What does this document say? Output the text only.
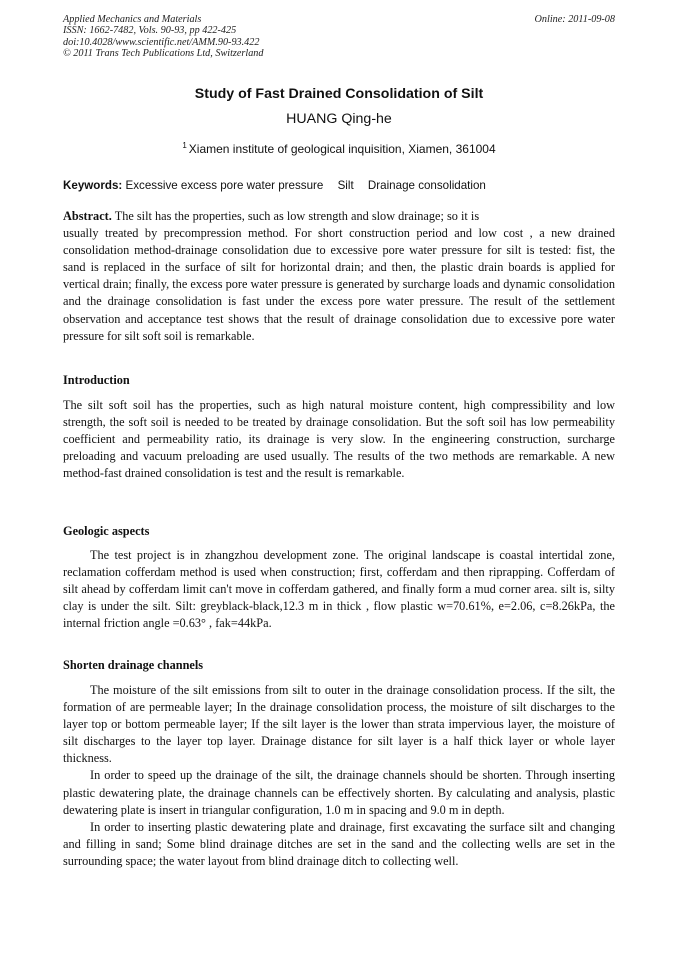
Applied Mechanics and Materials
ISSN: 1662-7482, Vols. 90-93, pp 422-425
doi:10.4028/www.scientific.net/AMM.90-93.422
© 2011 Trans Tech Publications Ltd, Switzerland
Online: 2011-09-08
Study of Fast Drained Consolidation of Silt
HUANG Qing-he
$^1$ Xiamen institute of geological inquisition, Xiamen, 361004
Keywords: Excessive excess pore water pressure Silt Drainage consolidation
Abstract. The silt has the properties, such as low strength and slow drainage; so it is

usually treated by precompression method. For short construction period and low cost , a new drained consolidation method-drainage consolidation due to excessive pore water pressure for silt is tested: fist, the sand is replaced in the surface of silt for horizontal drain; and then, the plastic drain boards is applied for vertical drain; finally, the excess pore water pressure is generated by surcharge loads and dynamic consolidation and the drainage consolidation is fast under the excess pore water pressure. The result of the settlement observation and acceptance test shows that the result of drainage consolidation due to excessive pore water pressure for silt soft soil is remarkable.

Introduction

The silt soft soil has the properties, such as high natural moisture content, high compressibility and low strength, the soft soil is needed to be treated by drainage consolidation. But the soft soil has low permeability coefficient and permeability ratio, its drainage is very slow. In the engineering construction, surcharge preloading and vacuum preloading are used usually. The results of the two methods are remarkable. A new method-fast drained consolidation is test and the result is remarkable.

Geologic aspects

The test project is in zhangzhou development zone. The original landscape is coastal intertidal zone, reclamation cofferdam method is used when construction; first, cofferdam and then riprapping. Cofferdam of silt ahead by cofferdam limit can't move in cofferdam gathered, and finally form a mud corner area. silt is, silty clay is under the silt. Silt: greyblack-black,12.3 m in thick , flow plastic w=70.61%, e=2.06, c=8.26kPa, the internal friction angle =0.63° , fak=44kPa.

Shorten drainage channels

The moisture of the silt emissions from silt to outer in the drainage consolidation process. If the silt, the formation of are permeable layer; In the drainage consolidation process, the moisture of silt discharges to the layer top or bottom permeable layer; If the silt layer is the lower than strata impervious layer, the moisture of silt discharges to the layer top layer. Drainage distance for silt layer is a half thick layer or whole layer thickness.

In order to speed up the drainage of the silt, the drainage channels should be shorten. Through inserting plastic dewatering plate, the drainage channels can be effectively shorten. By calculating and analysis, plastic dewatering plate is insert in triangular configuration, 1.0 m in spacing and 9.0 m in depth.

In order to inserting plastic dewatering plate and drainage, first excavating the surface silt and changing and filling in sand; Some blind drainage ditches are set in the sand and the collecting wells are set in the surrounding space; the water layout from blind drainage ditch to collecting well.
